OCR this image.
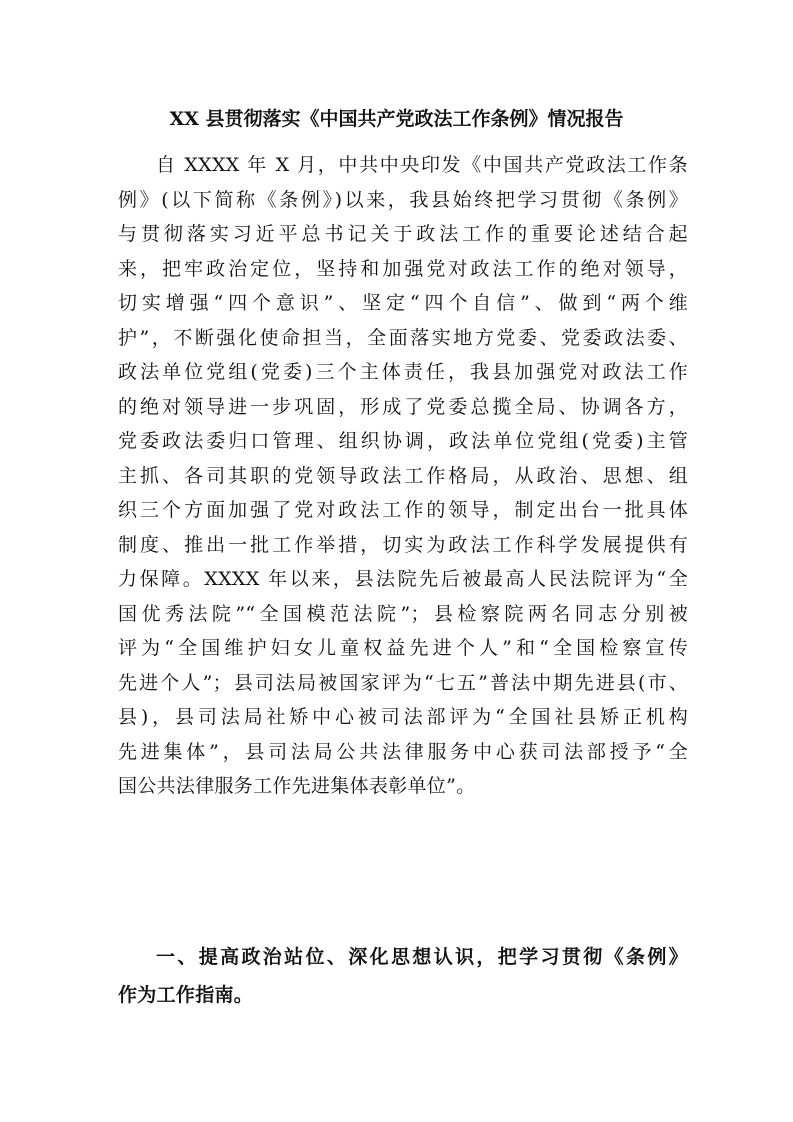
XX 县贯彻落实《中国共产党政法工作条例》情况报告
自 XXXX 年 X 月，中共中央印发《中国共产党政法工作条
例》(以下简称《条例》)以来，我县始终把学习贯彻《条例》
与贯彻落实习近平总书记关于政法工作的重要论述结合起
来，把牢政治定位，坚持和加强党对政法工作的绝对领导，
切实增强“四个意识”、坚定“四个自信”、做到“两个维
护”，不断强化使命担当，全面落实地方党委、党委政法委、
政法单位党组(党委)三个主体责任，我县加强党对政法工作
的绝对领导进一步巩固，形成了党委总揽全局、协调各方，
党委政法委归口管理、组织协调，政法单位党组(党委)主管
主抓、各司其职的党领导政法工作格局，从政治、思想、组
织三个方面加强了党对政法工作的领导，制定出台一批具体
制度、推出一批工作举措，切实为政法工作科学发展提供有
力保障。XXXX 年以来，县法院先后被最高人民法院评为“全
国优秀法院”“全国模范法院”；县检察院两名同志分别被
评为“全国维护妇女儿童权益先进个人”和“全国检察宣传
先进个人”；县司法局被国家评为“七五”普法中期先进县(市、
县)，县司法局社矫中心被司法部评为“全国社县矫正机构
先进集体”，县司法局公共法律服务中心获司法部授予“全
国公共法律服务工作先进集体表彰单位”。
一、提高政治站位、深化思想认识，把学习贯彻《条例》
作为工作指南。
